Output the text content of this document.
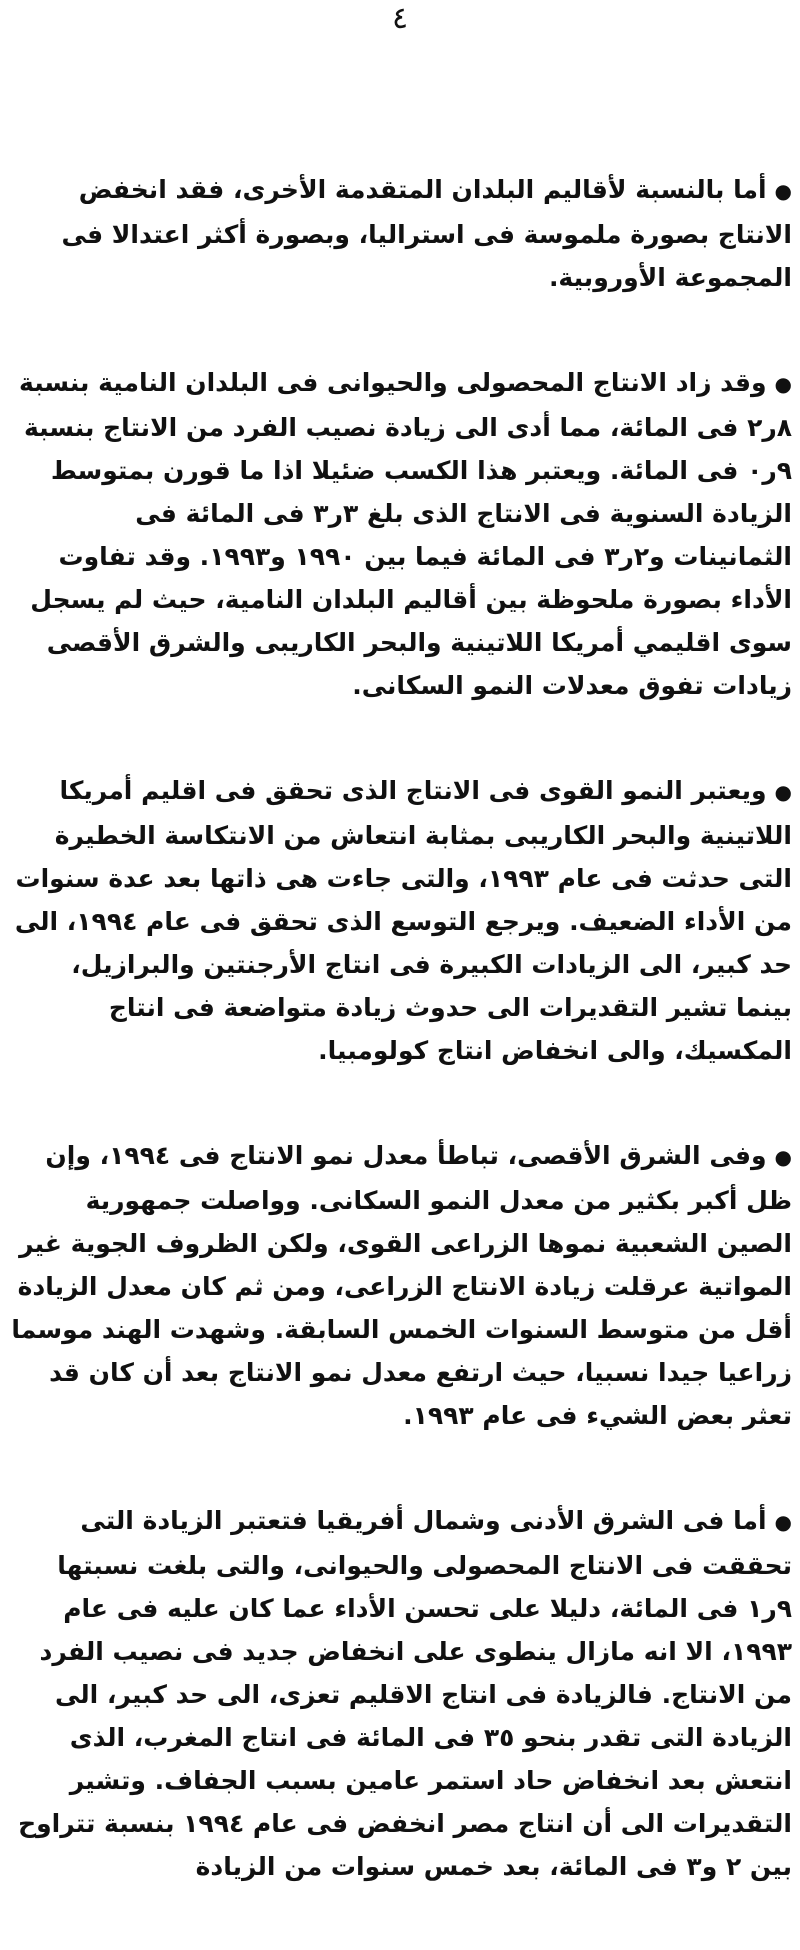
٤

●أما بالنسبة لأقاليم البلدان المتقدمة الأخرى، فقد انخفض الانتاج بصورة ملموسة فى استراليا، وبصورة أكثر اعتدالا فى المجموعة الأوروبية.

●وقد زاد الانتاج المحصولى والحيوانى فى البلدان النامية بنسبة ٨ر٢ فى المائة، مما أدى الى زيادة نصيب الفرد من الانتاج بنسبة ٩ر٠ فى المائة. ويعتبر هذا الكسب ضئيلا اذا ما قورن بمتوسط الزيادة السنوية فى الانتاج الذى بلغ ٣ر٣ فى المائة فى الثمانينات و٢ر٣ فى المائة فيما بين ١٩٩٠ و١٩٩٣. وقد تفاوت الأداء بصورة ملحوظة بين أقاليم البلدان النامية، حيث لم يسجل سوى اقليمي أمريكا اللاتينية والبحر الكاريبى والشرق الأقصى زيادات تفوق معدلات النمو السكانى.

●ويعتبر النمو القوى فى الانتاج الذى تحقق فى اقليم أمريكا اللاتينية والبحر الكاريبى بمثابة انتعاش من الانتكاسة الخطيرة التى حدثت فى عام ١٩٩٣، والتى جاءت هى ذاتها بعد عدة سنوات من الأداء الضعيف. ويرجع التوسع الذى تحقق فى عام ١٩٩٤، الى حد كبير، الى الزيادات الكبيرة فى انتاج الأرجنتين والبرازيل، بينما تشير التقديرات الى حدوث زيادة متواضعة فى انتاج المكسيك، والى انخفاض انتاج كولومبيا.

●وفى الشرق الأقصى، تباطأ معدل نمو الانتاج فى ١٩٩٤، وإن ظل أكبر بكثير من معدل النمو السكانى. وواصلت جمهورية الصين الشعبية نموها الزراعى القوى، ولكن الظروف الجوية غير المواتية عرقلت زيادة الانتاج الزراعى، ومن ثم كان معدل الزيادة أقل من متوسط السنوات الخمس السابقة. وشهدت الهند موسما زراعيا جيدا نسبيا، حيث ارتفع معدل نمو الانتاج بعد أن كان قد تعثر بعض الشيء فى عام ١٩٩٣.

●أما فى الشرق الأدنى وشمال أفريقيا فتعتبر الزيادة التى تحققت فى الانتاج المحصولى والحيوانى، والتى بلغت نسبتها ٩ر١ فى المائة، دليلا على تحسن الأداء عما كان عليه فى عام ١٩٩٣، الا انه مازال ينطوى على انخفاض جديد فى نصيب الفرد من الانتاج. فالزيادة فى انتاج الاقليم تعزى، الى حد كبير، الى الزيادة التى تقدر بنحو ٣٥ فى المائة فى انتاج المغرب، الذى انتعش بعد انخفاض حاد استمر عامين بسبب الجفاف. وتشير التقديرات الى أن انتاج مصر انخفض فى عام ١٩٩٤ بنسبة تتراوح بين ٢ و٣ فى المائة، بعد خمس سنوات من الزيادة
